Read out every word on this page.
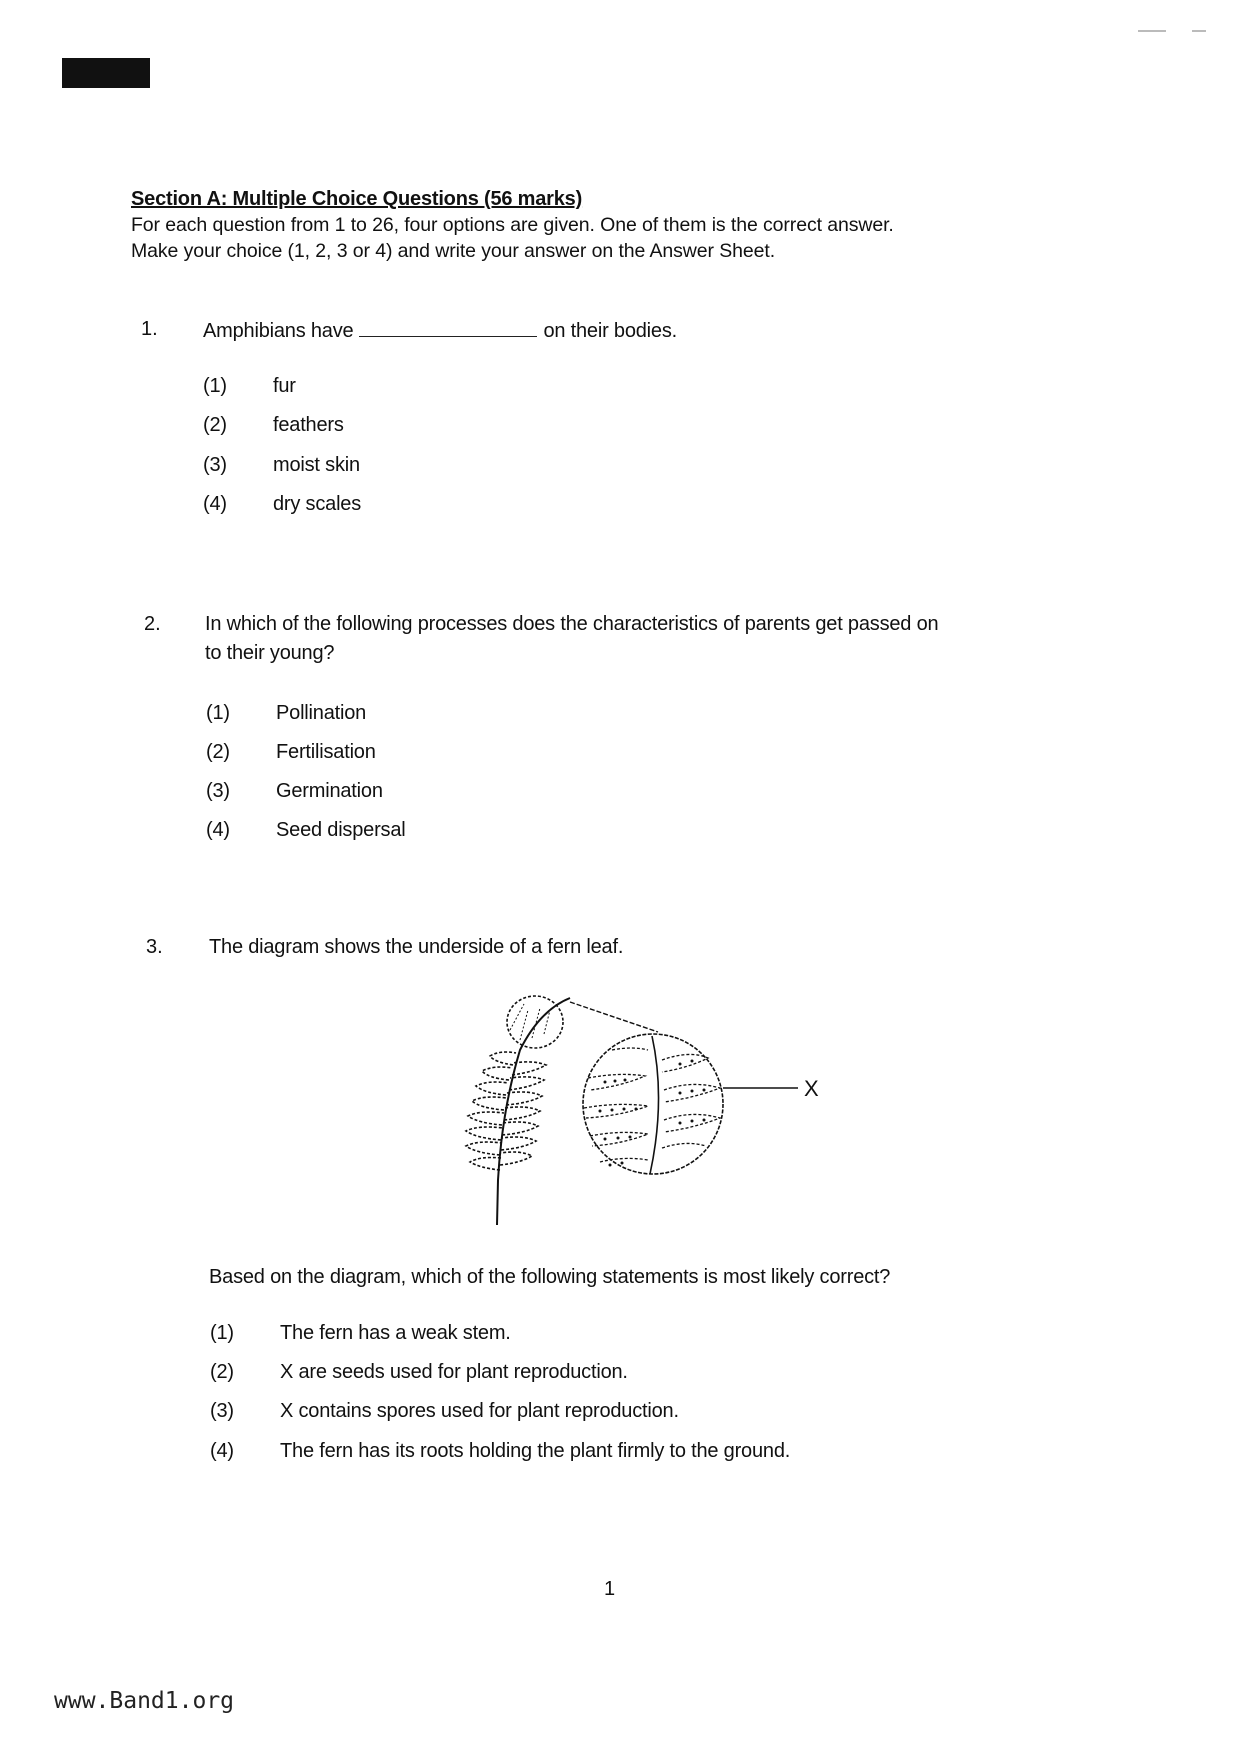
Section A: Multiple Choice Questions (56 marks)
For each question from 1 to 26, four options are given. One of them is the correct answer.
Make your choice (1, 2, 3 or 4) and write your answer on the Answer Sheet.
1. Amphibians have	on their bodies.
(1) fur
(2) feathers
(3) moist skin
(4) dry scales
2. In which of the following processes does the characteristics of parents get passed on
to their young?
(1) Pollination
(2) Fertilisation
(3) Germination
(4) Seed dispersal
3. The diagram shows the underside of a fern leaf.
X
Based on the diagram, which of the following statements is most likely correct?
(1) The fern has a weak stem.
(2) X are seeds used for plant reproduction.
(3) X contains spores used for plant reproduction.
(4) The fern has its roots holding the plant firmly to the ground.
1
www.Band1.org
